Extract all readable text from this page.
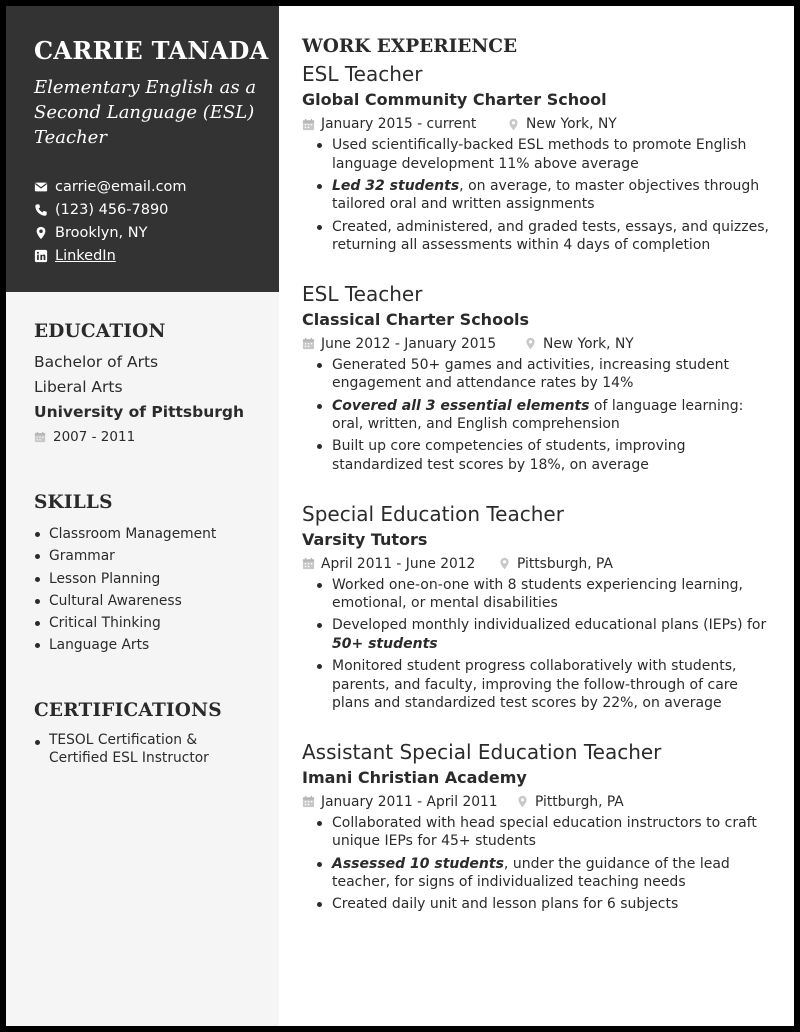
CARRIE TANADA
Elementary English as a Second Language (ESL) Teacher
carrie@email.com
(123) 456-7890
Brooklyn, NY
LinkedIn
EDUCATION
Bachelor of Arts
Liberal Arts
University of Pittsburgh
2007 - 2011
SKILLS
Classroom Management
Grammar
Lesson Planning
Cultural Awareness
Critical Thinking
Language Arts
CERTIFICATIONS
TESOL Certification & Certified ESL Instructor
WORK EXPERIENCE
ESL Teacher
Global Community Charter School
January 2015 - current	New York, NY
Used scientifically-backed ESL methods to promote English language development 11% above average
Led 32 students, on average, to master objectives through tailored oral and written assignments
Created, administered, and graded tests, essays, and quizzes, returning all assessments within 4 days of completion
ESL Teacher
Classical Charter Schools
June 2012 - January 2015	New York, NY
Generated 50+ games and activities, increasing student engagement and attendance rates by 14%
Covered all 3 essential elements of language learning: oral, written, and English comprehension
Built up core competencies of students, improving standardized test scores by 18%, on average
Special Education Teacher
Varsity Tutors
April 2011 - June 2012	Pittsburgh, PA
Worked one-on-one with 8 students experiencing learning, emotional, or mental disabilities
Developed monthly individualized educational plans (IEPs) for 50+ students
Monitored student progress collaboratively with students, parents, and faculty, improving the follow-through of care plans and standardized test scores by 22%, on average
Assistant Special Education Teacher
Imani Christian Academy
January 2011 - April 2011	Pittburgh, PA
Collaborated with head special education instructors to craft unique IEPs for 45+ students
Assessed 10 students, under the guidance of the lead teacher, for signs of individualized teaching needs
Created daily unit and lesson plans for 6 subjects
